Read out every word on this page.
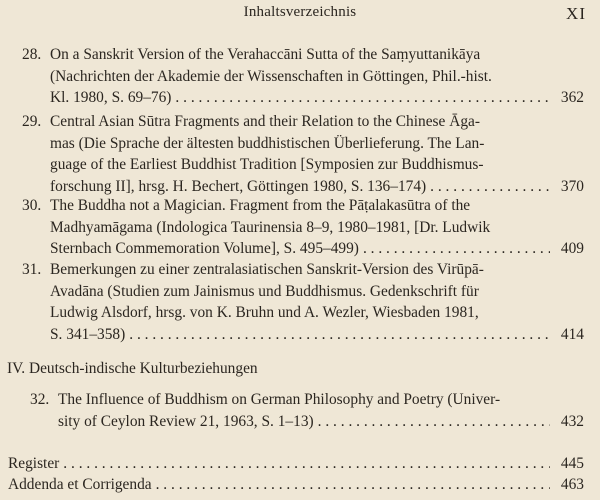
Inhaltsverzeichnis	XI
28. On a Sanskrit Version of the Verahaccāni Sutta of the Saṃyuttanikāya
(Nachrichten der Akademie der Wissenschaften in Göttingen, Phil.-hist.
Kl. 1980, S. 69–76) . . .	362
29. Central Asian Sūtra Fragments and their Relation to the Chinese Āga-
mas (Die Sprache der ältesten buddhistischen Überlieferung. The Lan-
guage of the Earliest Buddhist Tradition [Symposien zur Buddhismus-
forschung II], hrsg. H. Bechert, Göttingen 1980, S. 136–174) . . .	370
30. The Buddha not a Magician. Fragment from the Pāṭalakasūtra of the
Madhyamāgama (Indologica Taurinensia 8–9, 1980–1981, [Dr. Ludwik
Sternbach Commemoration Volume], S. 495–499) . . .	409
31. Bemerkungen zu einer zentralasiatischen Sanskrit-Version des Virūpā-
Avadāna (Studien zum Jainismus und Buddhismus. Gedenkschrift für
Ludwig Alsdorf, hrsg. von K. Bruhn und A. Wezler, Wiesbaden 1981,
S. 341–358) . . .	414
IV. Deutsch-indische Kulturbeziehungen
32. The Influence of Buddhism on German Philosophy and Poetry (Univer-
sity of Ceylon Review 21, 1963, S. 1–13) . . .	432
Register . . .	445
Addenda et Corrigenda . . .	463
